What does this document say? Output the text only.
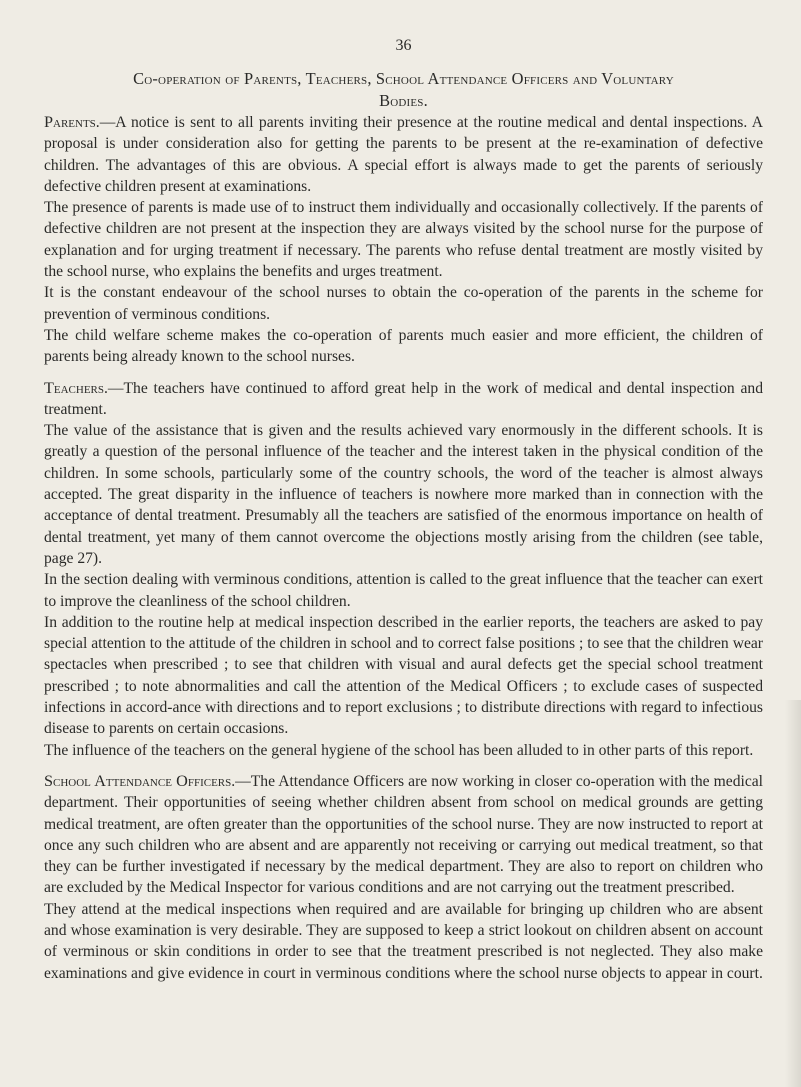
36

Co-operation of Parents, Teachers, School Attendance Officers and Voluntary

Bodies.

Parents.—A notice is sent to all parents inviting their presence at the routine medical and dental inspections. A proposal is under consideration also for getting the parents to be present at the re-examination of defective children. The advantages of this are obvious. A special effort is always made to get the parents of seriously defective children present at examinations.

The presence of parents is made use of to instruct them individually and occasionally collectively. If the parents of defective children are not present at the inspection they are always visited by the school nurse for the purpose of explanation and for urging treatment if necessary. The parents who refuse dental treatment are mostly visited by the school nurse, who explains the benefits and urges treatment.

It is the constant endeavour of the school nurses to obtain the co-operation of the parents in the scheme for prevention of verminous conditions.

The child welfare scheme makes the co-operation of parents much easier and more efficient, the children of parents being already known to the school nurses.

Teachers.—The teachers have continued to afford great help in the work of medical and dental inspection and treatment.

The value of the assistance that is given and the results achieved vary enormously in the different schools. It is greatly a question of the personal influence of the teacher and the interest taken in the physical condition of the children. In some schools, particularly some of the country schools, the word of the teacher is almost always accepted. The great disparity in the influence of teachers is nowhere more marked than in connection with the acceptance of dental treatment. Presumably all the teachers are satisfied of the enormous importance on health of dental treatment, yet many of them cannot overcome the objections mostly arising from the children (see table, page 27).

In the section dealing with verminous conditions, attention is called to the great influence that the teacher can exert to improve the cleanliness of the school children.

In addition to the routine help at medical inspection described in the earlier reports, the teachers are asked to pay special attention to the attitude of the children in school and to correct false positions ; to see that the children wear spectacles when prescribed ; to see that children with visual and aural defects get the special school treatment prescribed ; to note abnormalities and call the attention of the Medical Officers ; to exclude cases of suspected infections in accord-ance with directions and to report exclusions ; to distribute directions with regard to infectious disease to parents on certain occasions.

The influence of the teachers on the general hygiene of the school has been alluded to in other parts of this report.

School Attendance Officers.—The Attendance Officers are now working in closer co-operation with the medical department. Their opportunities of seeing whether children absent from school on medical grounds are getting medical treatment, are often greater than the opportunities of the school nurse. They are now instructed to report at once any such children who are absent and are apparently not receiving or carrying out medical treatment, so that they can be further investigated if necessary by the medical department. They are also to report on children who are excluded by the Medical Inspector for various conditions and are not carrying out the treatment prescribed.

They attend at the medical inspections when required and are available for bringing up children who are absent and whose examination is very desirable. They are supposed to keep a strict lookout on children absent on account of verminous or skin conditions in order to see that the treatment prescribed is not neglected. They also make examinations and give evidence in court in verminous conditions where the school nurse objects to appear in court.
